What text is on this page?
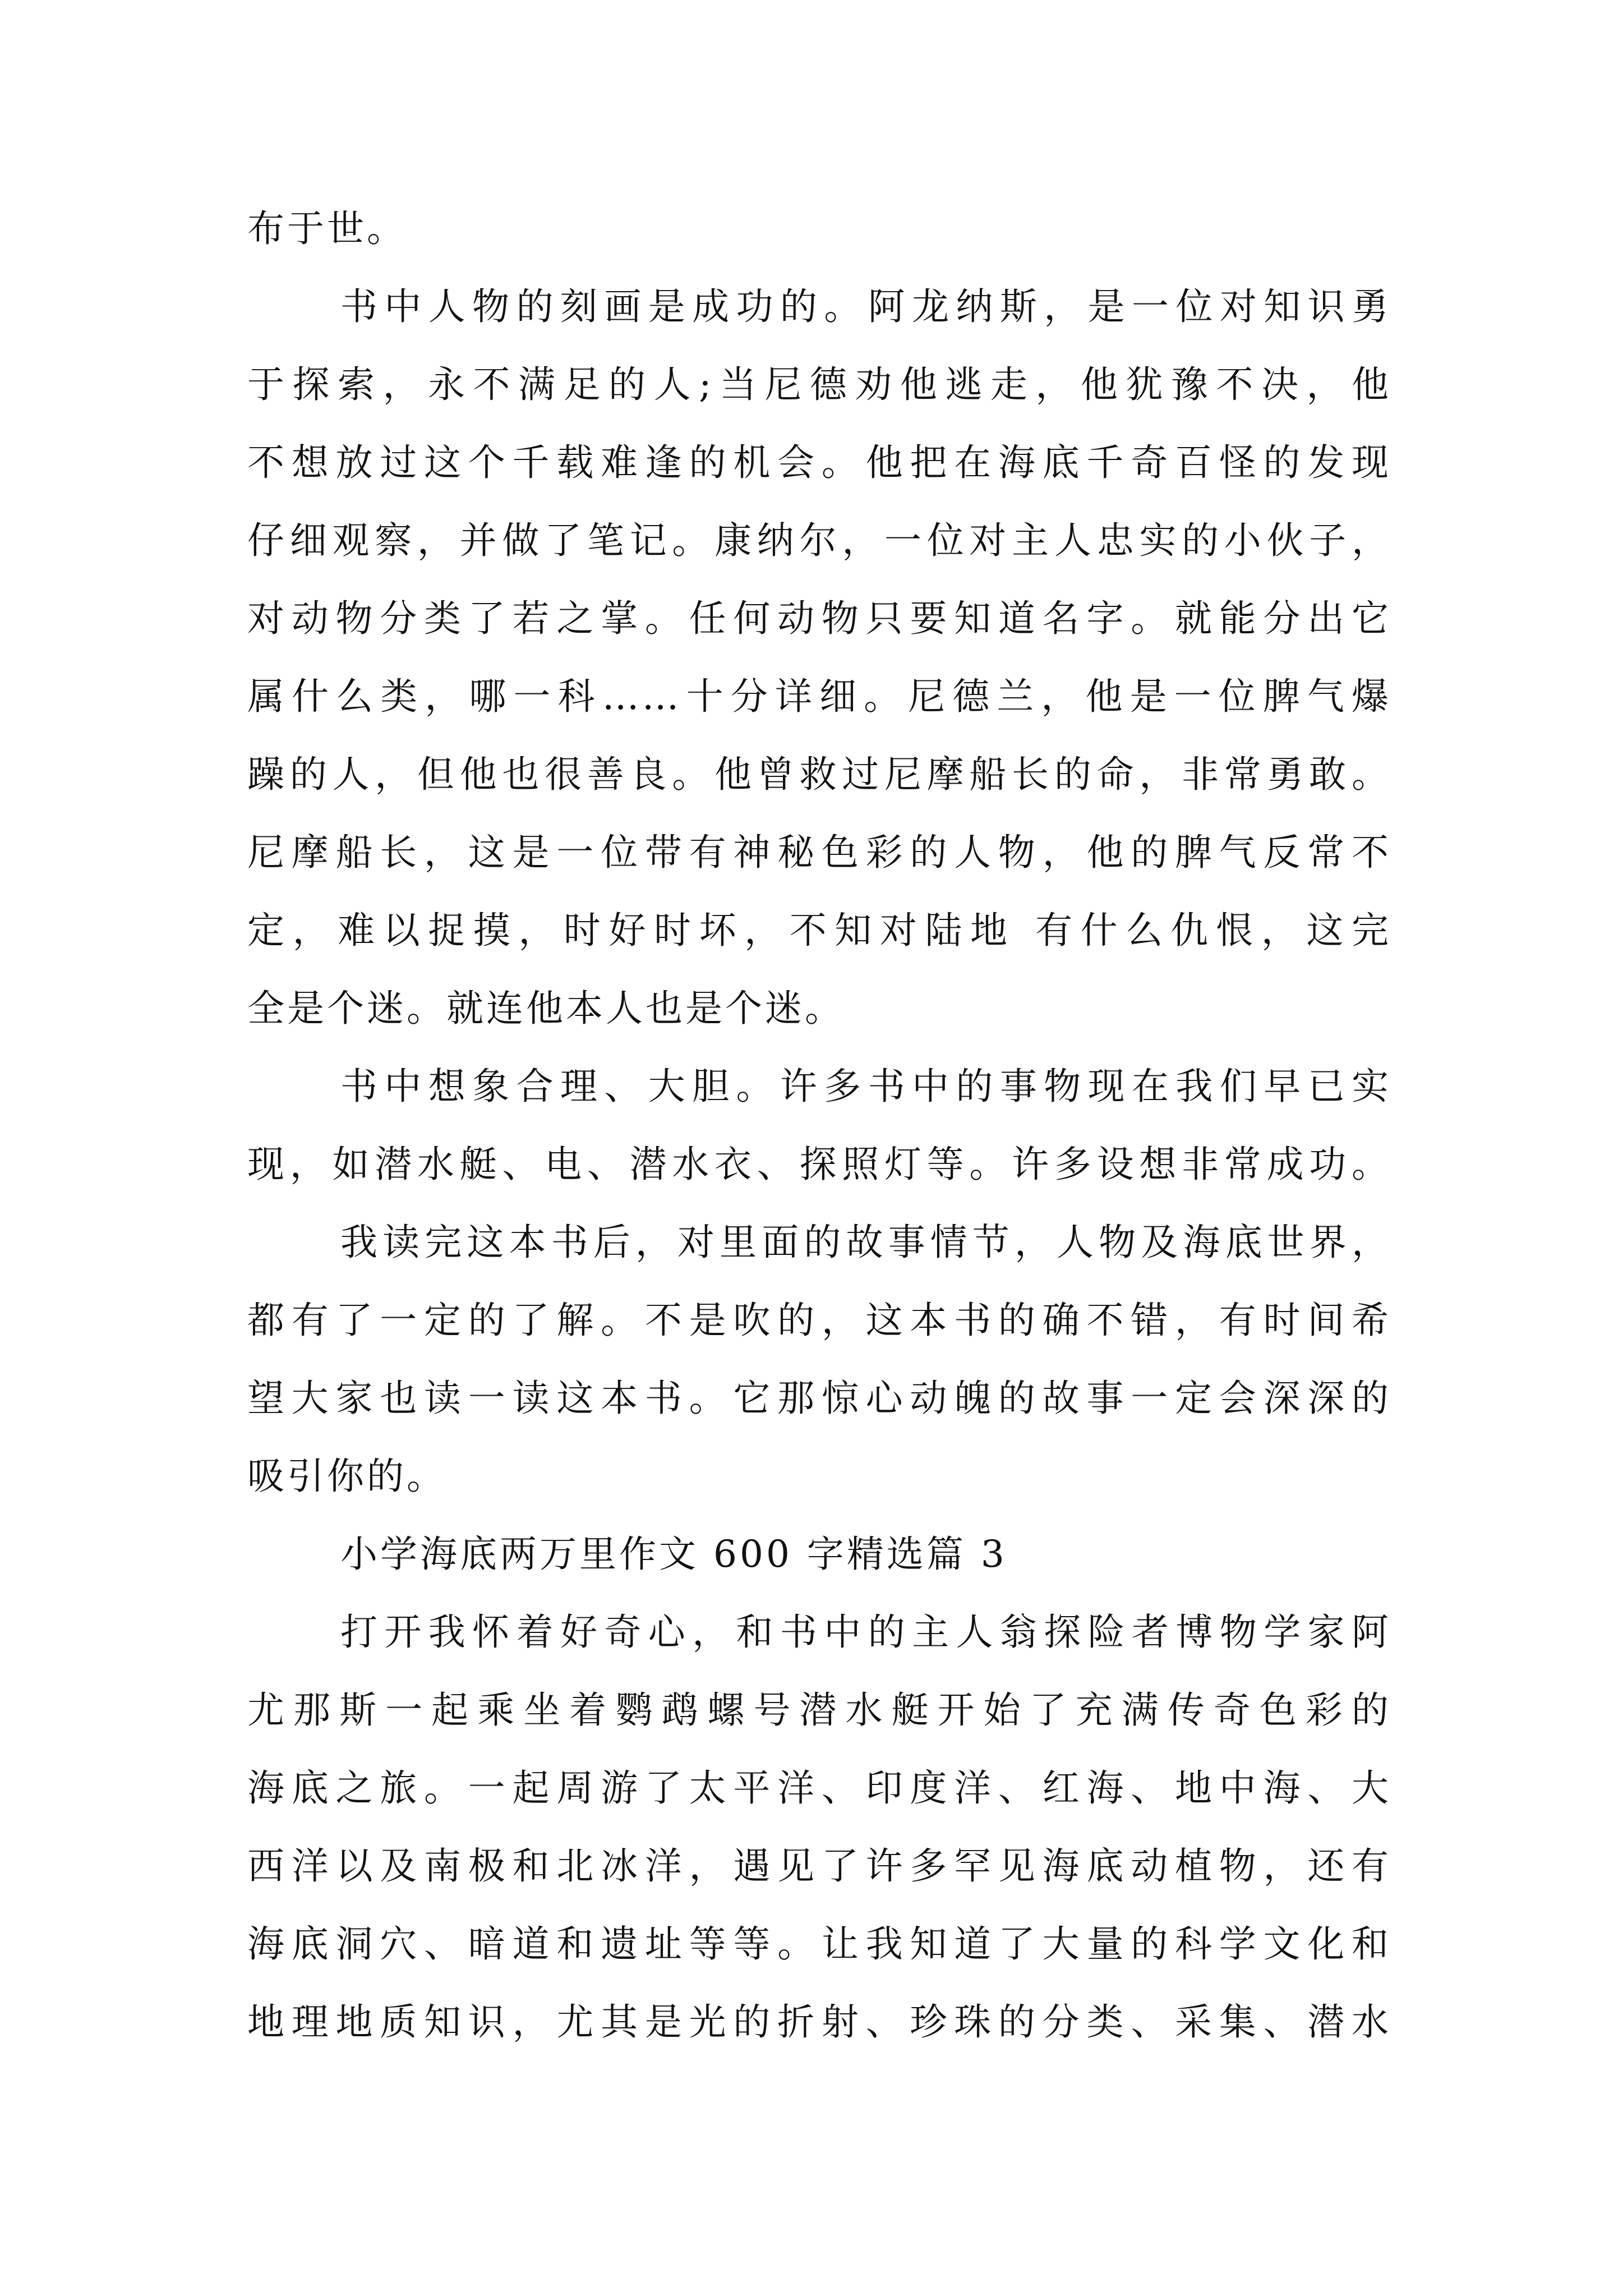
布于世。
书中人物的刻画是成功的。阿龙纳斯，是一位对知识勇
于探索，永不满足的人;当尼德劝他逃走，他犹豫不决，他
不想放过这个千载难逢的机会。他把在海底千奇百怪的发现
仔细观察，并做了笔记。康纳尔，一位对主人忠实的小伙子，
对动物分类了若之掌。任何动物只要知道名字。就能分出它
属什么类，哪一科……十分详细。尼德兰，他是一位脾气爆
躁的人，但他也很善良。他曾救过尼摩船长的命，非常勇敢。
尼摩船长，这是一位带有神秘色彩的人物，他的脾气反常不
定，难以捉摸，时好时坏，不知对陆地 有什么仇恨，这完
全是个迷。就连他本人也是个迷。
书中想象合理、大胆。许多书中的事物现在我们早已实
现，如潜水艇、电、潜水衣、探照灯等。许多设想非常成功。
我读完这本书后，对里面的故事情节，人物及海底世界，
都有了一定的了解。不是吹的，这本书的确不错，有时间希
望大家也读一读这本书。它那惊心动魄的故事一定会深深的
吸引你的。
小学海底两万里作文 600 字精选篇 3
打开我怀着好奇心，和书中的主人翁探险者博物学家阿
尤那斯一起乘坐着鹦鹉螺号潜水艇开始了充满传奇色彩的
海底之旅。一起周游了太平洋、印度洋、红海、地中海、大
西洋以及南极和北冰洋，遇见了许多罕见海底动植物，还有
海底洞穴、暗道和遗址等等。让我知道了大量的科学文化和
地理地质知识，尤其是光的折射、珍珠的分类、采集、潜水
